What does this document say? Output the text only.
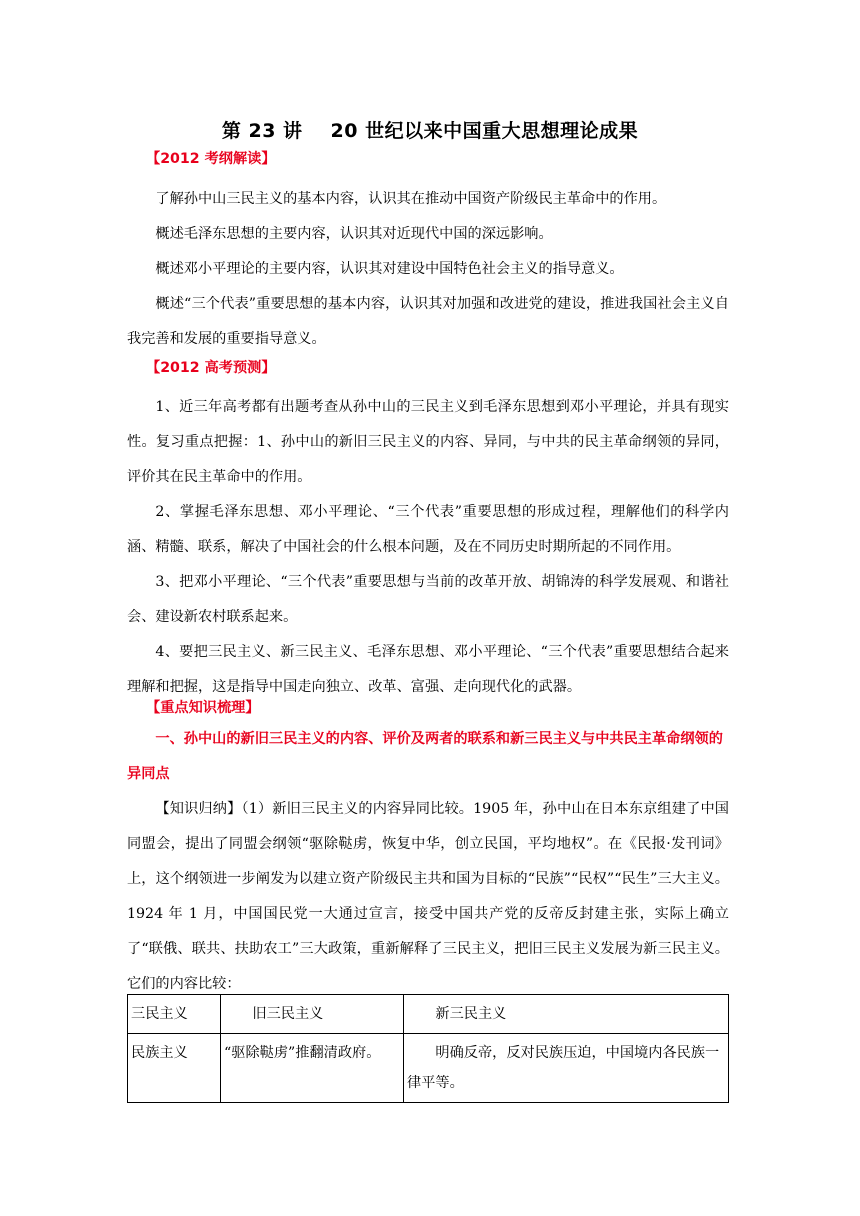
第 23 讲 20 世纪以来中国重大思想理论成果
【2012 考纲解读】

了解孙中山三民主义的基本内容，认识其在推动中国资产阶级民主革命中的作用。

概述毛泽东思想的主要内容，认识其对近现代中国的深远影响。

概述邓小平理论的主要内容，认识其对建设中国特色社会主义的指导意义。

概述“三个代表”重要思想的基本内容，认识其对加强和改进党的建设，推进我国社会主义自我完善和发展的重要指导意义。

【2012 高考预测】

1、近三年高考都有出题考查从孙中山的三民主义到毛泽东思想到邓小平理论，并具有现实性。复习重点把握：1、孙中山的新旧三民主义的内容、异同，与中共的民主革命纲领的异同，评价其在民主革命中的作用。

2、掌握毛泽东思想、邓小平理论、“三个代表”重要思想的形成过程，理解他们的科学内涵、精髓、联系，解决了中国社会的什么根本问题，及在不同历史时期所起的不同作用。

3、把邓小平理论、“三个代表”重要思想与当前的改革开放、胡锦涛的科学发展观、和谐社会、建设新农村联系起来。

4、要把三民主义、新三民主义、毛泽东思想、邓小平理论、“三个代表”重要思想结合起来理解和把握，这是指导中国走向独立、改革、富强、走向现代化的武器。

【重点知识梳理】
一、孙中山的新旧三民主义的内容、评价及两者的联系和新三民主义与中共民主革命纲领的异同点

【知识归纳】（1）新旧三民主义的内容异同比较。1905 年，孙中山在日本东京组建了中国同盟会，提出了同盟会纲领“驱除鞑虏，恢复中华，创立民国，平均地权”。在《民报·发刊词》上，这个纲领进一步阐发为以建立资产阶级民主共和国为目标的“民族”“民权”“民生”三大主义。1924 年 1 月，中国国民党一大通过宣言，接受中国共产党的反帝反封建主张，实际上确立了“联俄、联共、扶助农工”三大政策，重新解释了三民主义，把旧三民主义发展为新三民主义。它们的内容比较：

三民主义	旧三民主义	新三民主义
民族主义	“驱除鞑虏”推翻清政府。	明确反帝，反对民族压迫，中国境内各民族一律平等。
